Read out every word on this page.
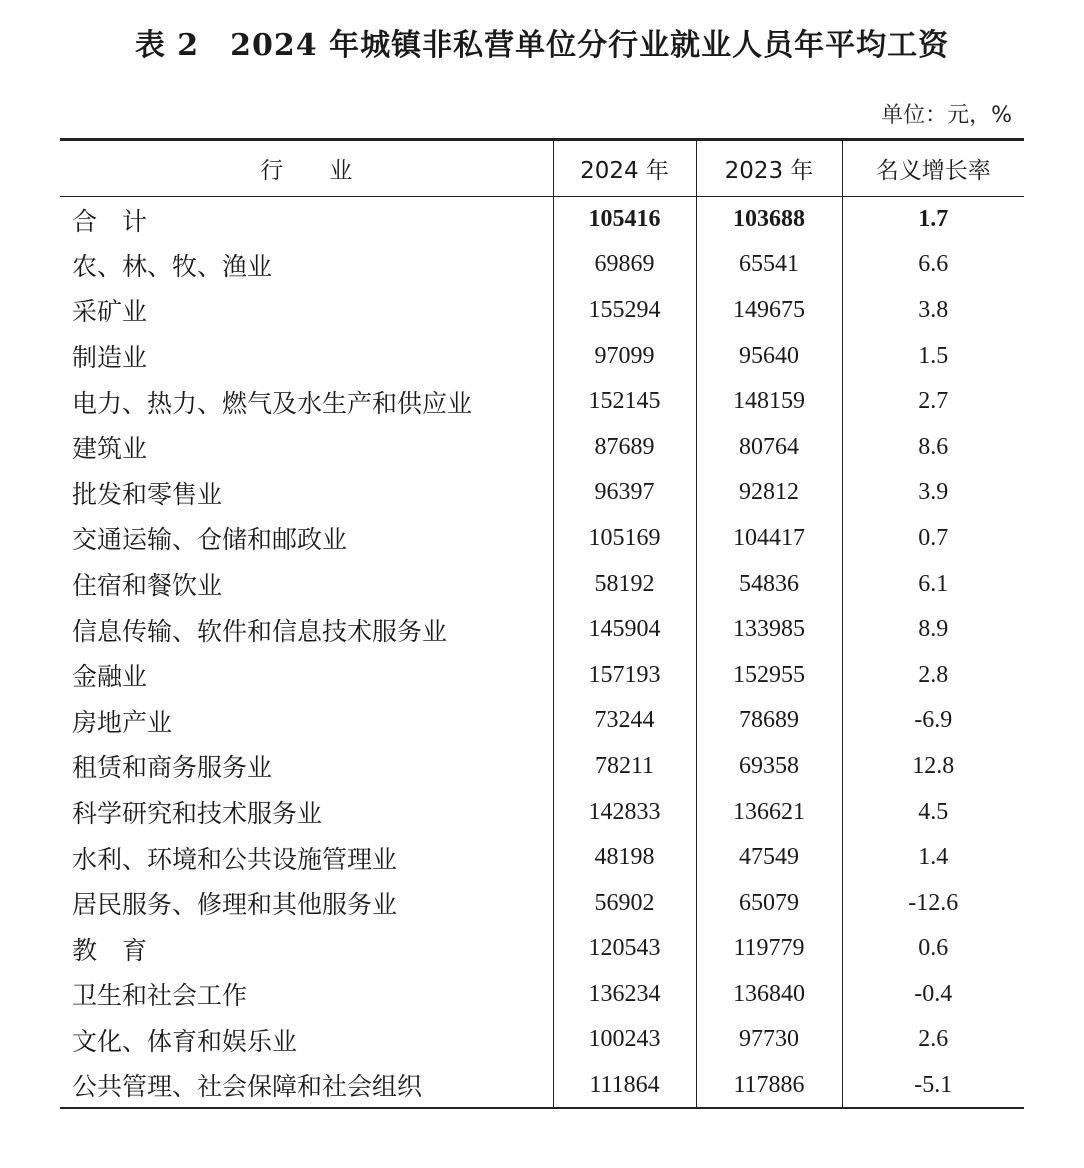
表 2　2024 年城镇非私营单位分行业就业人员年平均工资
单位：元，%
行　　业	2024 年	2023 年	名义增长率
合　计	105416	103688	1.7
农、林、牧、渔业	69869	65541	6.6
采矿业	155294	149675	3.8
制造业	97099	95640	1.5
电力、热力、燃气及水生产和供应业	152145	148159	2.7
建筑业	87689	80764	8.6
批发和零售业	96397	92812	3.9
交通运输、仓储和邮政业	105169	104417	0.7
住宿和餐饮业	58192	54836	6.1
信息传输、软件和信息技术服务业	145904	133985	8.9
金融业	157193	152955	2.8
房地产业	73244	78689	-6.9
租赁和商务服务业	78211	69358	12.8
科学研究和技术服务业	142833	136621	4.5
水利、环境和公共设施管理业	48198	47549	1.4
居民服务、修理和其他服务业	56902	65079	-12.6
教　育	120543	119779	0.6
卫生和社会工作	136234	136840	-0.4
文化、体育和娱乐业	100243	97730	2.6
公共管理、社会保障和社会组织	111864	117886	-5.1
